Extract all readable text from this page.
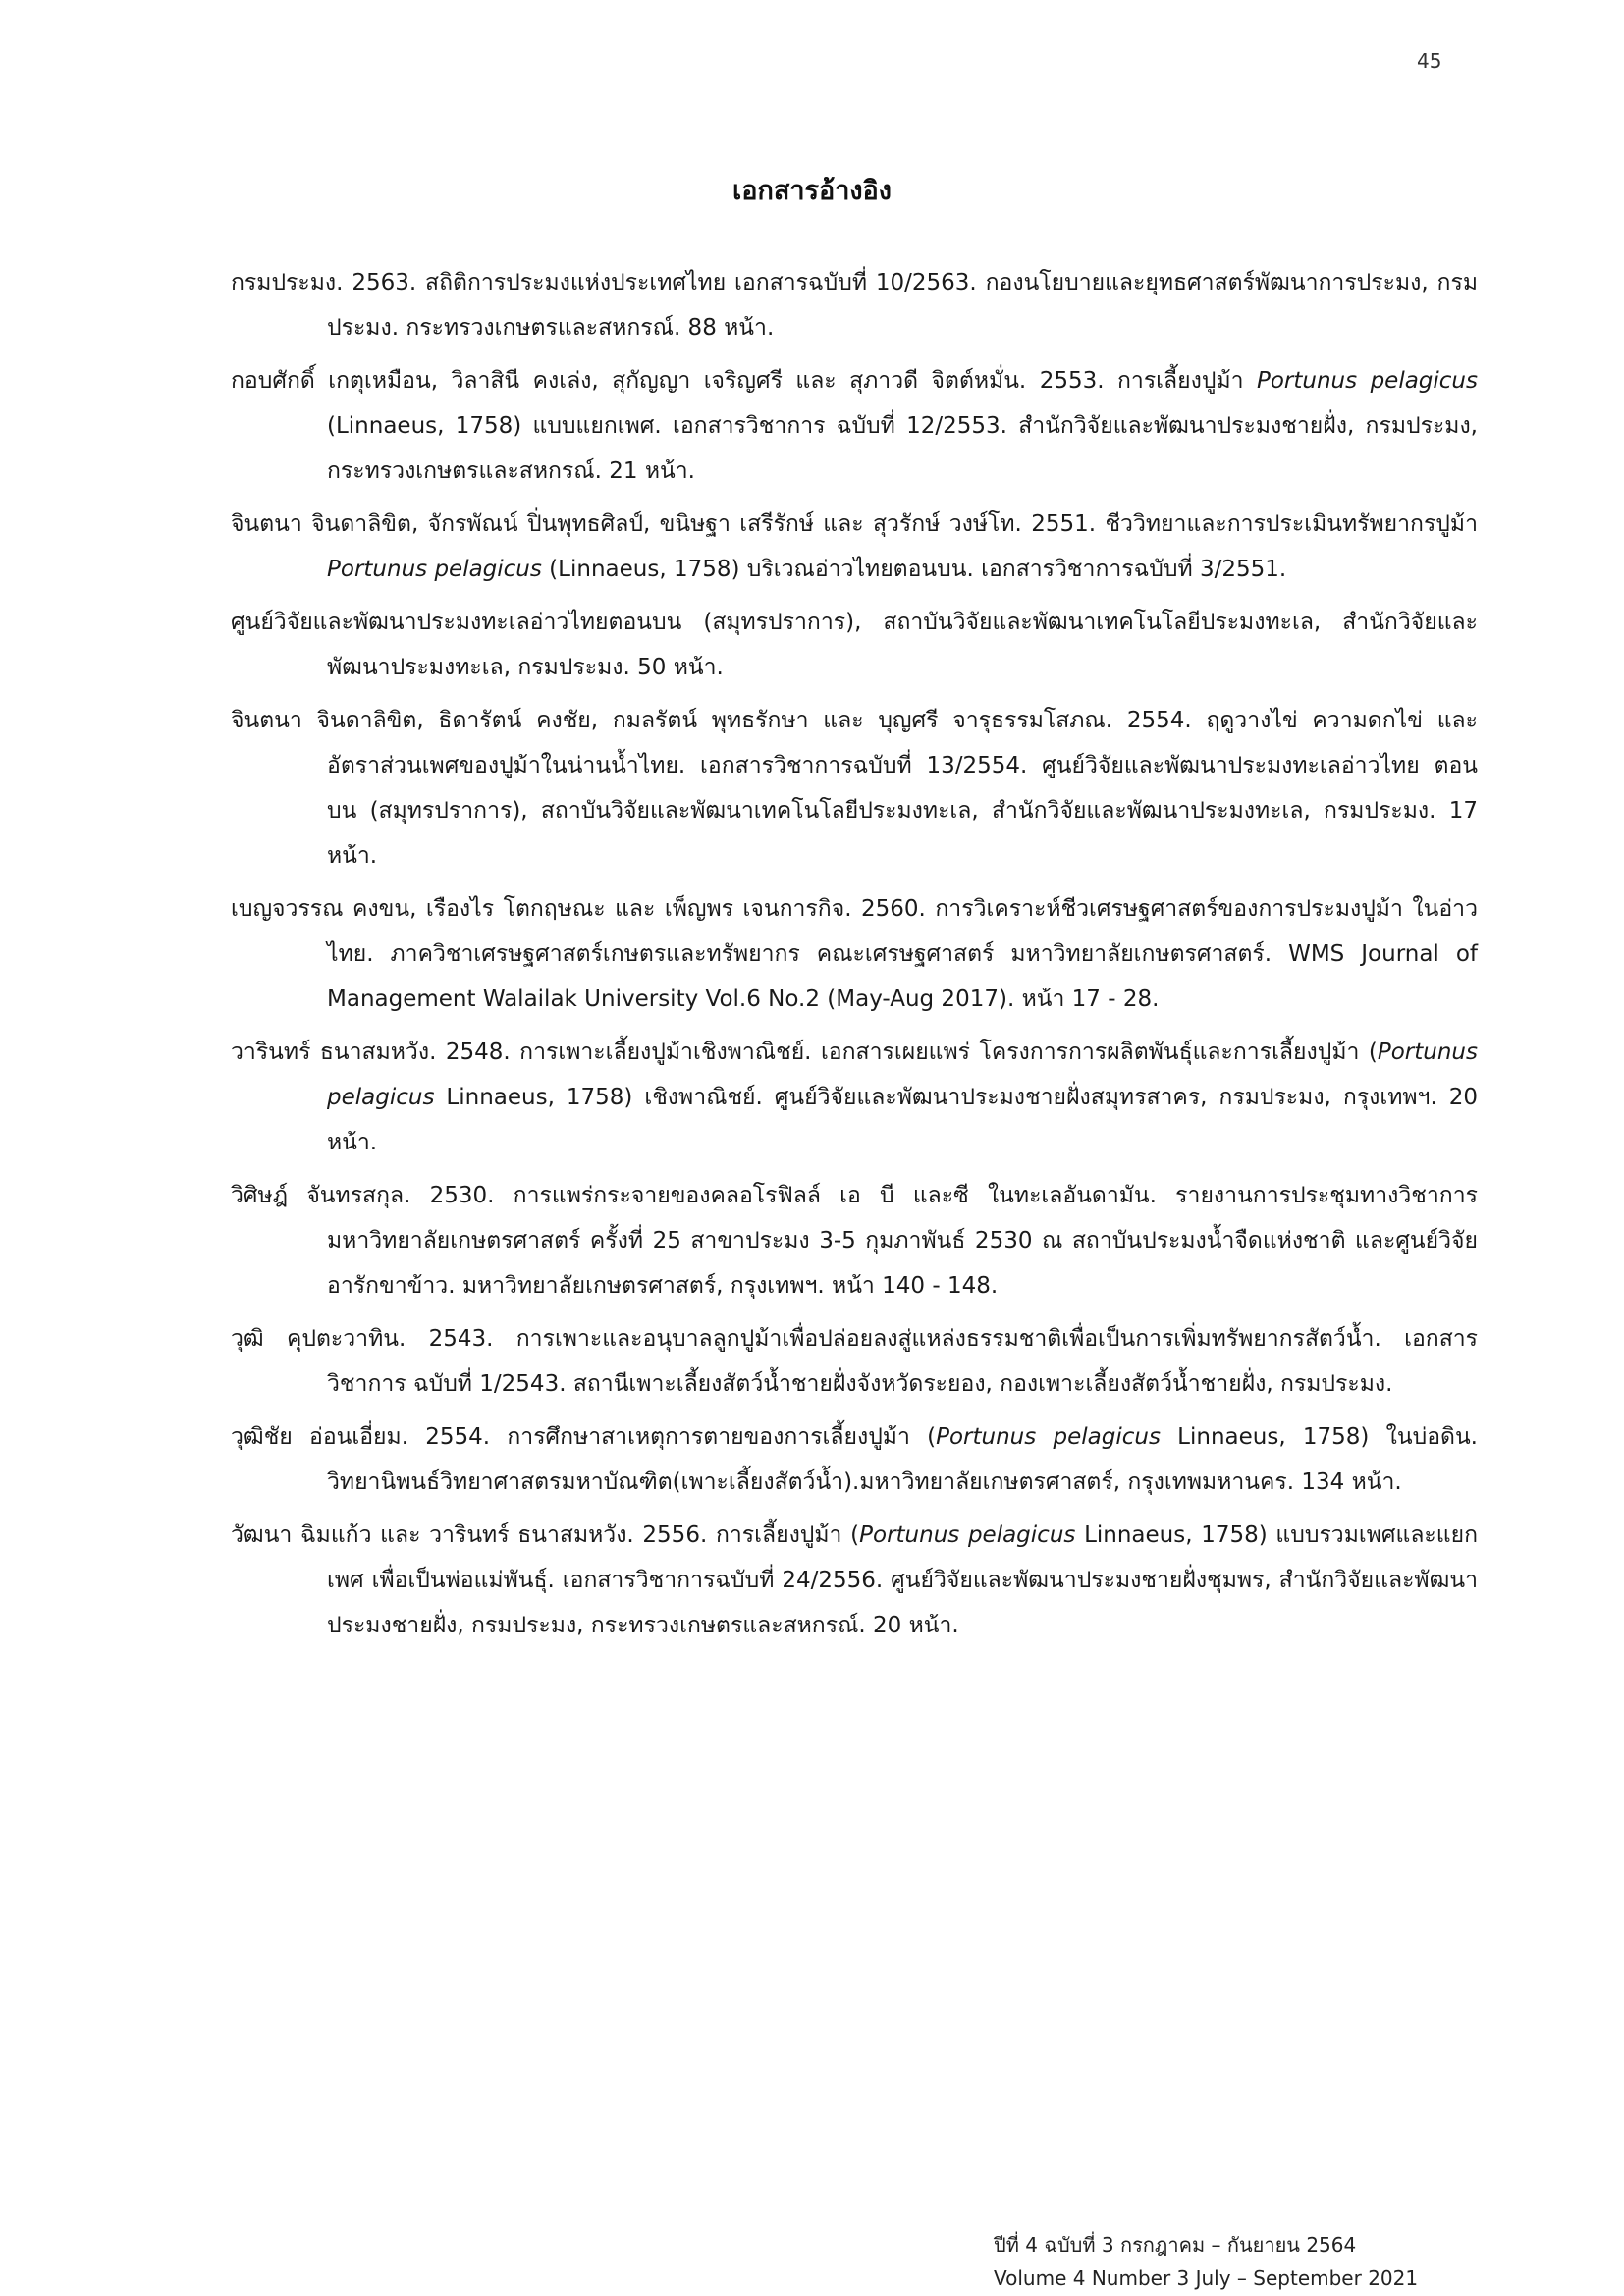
45
เอกสารอ้างอิง

กรมประมง. 2563. สถิติการประมงแห่งประเทศไทย เอกสารฉบับที่ 10/2563. กองนโยบายและยุทธศาสตร์พัฒนาการประมง, กรมประมง. กระทรวงเกษตรและสหกรณ์. 88 หน้า.

กอบศักดิ์ เกตุเหมือน, วิลาสินี คงเล่ง, สุกัญญา เจริญศรี และ สุภาวดี จิตต์หมั่น. 2553. การเลี้ยงปูม้า Portunus pelagicus (Linnaeus, 1758) แบบแยกเพศ. เอกสารวิชาการ ฉบับที่ 12/2553. สำนักวิจัยและพัฒนาประมงชายฝั่ง, กรมประมง, กระทรวงเกษตรและสหกรณ์. 21 หน้า.

จินตนา จินดาลิขิต, จักรพัณน์ ปิ่นพุทธศิลป์, ขนิษฐา เสรีรักษ์ และ สุวรักษ์ วงษ์โท. 2551. ชีววิทยาและการประเมินทรัพยากรปูม้า Portunus pelagicus (Linnaeus, 1758) บริเวณอ่าวไทยตอนบน. เอกสารวิชาการฉบับที่ 3/2551.

ศูนย์วิจัยและพัฒนาประมงทะเลอ่าวไทยตอนบน (สมุทรปราการ), สถาบันวิจัยและพัฒนาเทคโนโลยีประมงทะเล, สำนักวิจัยและพัฒนาประมงทะเล, กรมประมง. 50 หน้า.

จินตนา จินดาลิขิต, ธิดารัตน์ คงชัย, กมลรัตน์ พุทธรักษา และ บุญศรี จารุธรรมโสภณ. 2554. ฤดูวางไข่ ความดกไข่ และ อัตราส่วนเพศของปูม้าในน่านน้ำไทย. เอกสารวิชาการฉบับที่ 13/2554. ศูนย์วิจัยและพัฒนาประมงทะเลอ่าวไทย ตอนบน (สมุทรปราการ), สถาบันวิจัยและพัฒนาเทคโนโลยีประมงทะเล, สำนักวิจัยและพัฒนาประมงทะเล, กรมประมง. 17 หน้า.

เบญจวรรณ คงขน, เรืองไร โตกฤษณะ และ เพ็ญพร เจนการกิจ. 2560. การวิเคราะห์ชีวเศรษฐศาสตร์ของการประมงปูม้า ในอ่าวไทย. ภาควิชาเศรษฐศาสตร์เกษตรและทรัพยากร คณะเศรษฐศาสตร์ มหาวิทยาลัยเกษตรศาสตร์. WMS Journal of Management Walailak University Vol.6 No.2 (May-Aug 2017). หน้า 17 - 28.

วารินทร์ ธนาสมหวัง. 2548. การเพาะเลี้ยงปูม้าเชิงพาณิชย์. เอกสารเผยแพร่ โครงการการผลิตพันธุ์และการเลี้ยงปูม้า (Portunus pelagicus Linnaeus, 1758) เชิงพาณิชย์. ศูนย์วิจัยและพัฒนาประมงชายฝั่งสมุทรสาคร, กรมประมง, กรุงเทพฯ. 20 หน้า.

วิศิษฎ์ จันทรสกุล. 2530. การแพร่กระจายของคลอโรฟิลล์ เอ บี และซี ในทะเลอันดามัน. รายงานการประชุมทางวิชาการมหาวิทยาลัยเกษตรศาสตร์ ครั้งที่ 25 สาขาประมง 3-5 กุมภาพันธ์ 2530 ณ สถาบันประมงน้ำจืดแห่งชาติ และศูนย์วิจัยอารักขาข้าว. มหาวิทยาลัยเกษตรศาสตร์, กรุงเทพฯ. หน้า 140 - 148.

วุฒิ คุปตะวาทิน. 2543. การเพาะและอนุบาลลูกปูม้าเพื่อปล่อยลงสู่แหล่งธรรมชาติเพื่อเป็นการเพิ่มทรัพยากรสัตว์น้ำ. เอกสารวิชาการ ฉบับที่ 1/2543. สถานีเพาะเลี้ยงสัตว์น้ำชายฝั่งจังหวัดระยอง, กองเพาะเลี้ยงสัตว์น้ำชายฝั่ง, กรมประมง.

วุฒิชัย อ่อนเอี่ยม. 2554. การศึกษาสาเหตุการตายของการเลี้ยงปูม้า (Portunus pelagicus Linnaeus, 1758) ในบ่อดิน. วิทยานิพนธ์วิทยาศาสตรมหาบัณฑิต(เพาะเลี้ยงสัตว์น้ำ).มหาวิทยาลัยเกษตรศาสตร์, กรุงเทพมหานคร. 134 หน้า.

วัฒนา ฉิมแก้ว และ วารินทร์ ธนาสมหวัง. 2556. การเลี้ยงปูม้า (Portunus pelagicus Linnaeus, 1758) แบบรวมเพศและแยกเพศ เพื่อเป็นพ่อแม่พันธุ์. เอกสารวิชาการฉบับที่ 24/2556. ศูนย์วิจัยและพัฒนาประมงชายฝั่งชุมพร, สำนักวิจัยและพัฒนา ประมงชายฝั่ง, กรมประมง, กระทรวงเกษตรและสหกรณ์. 20 หน้า.

ปีที่ 4 ฉบับที่ 3 กรกฎาคม – กันยายน 2564
Volume 4 Number 3 July – September 2021
